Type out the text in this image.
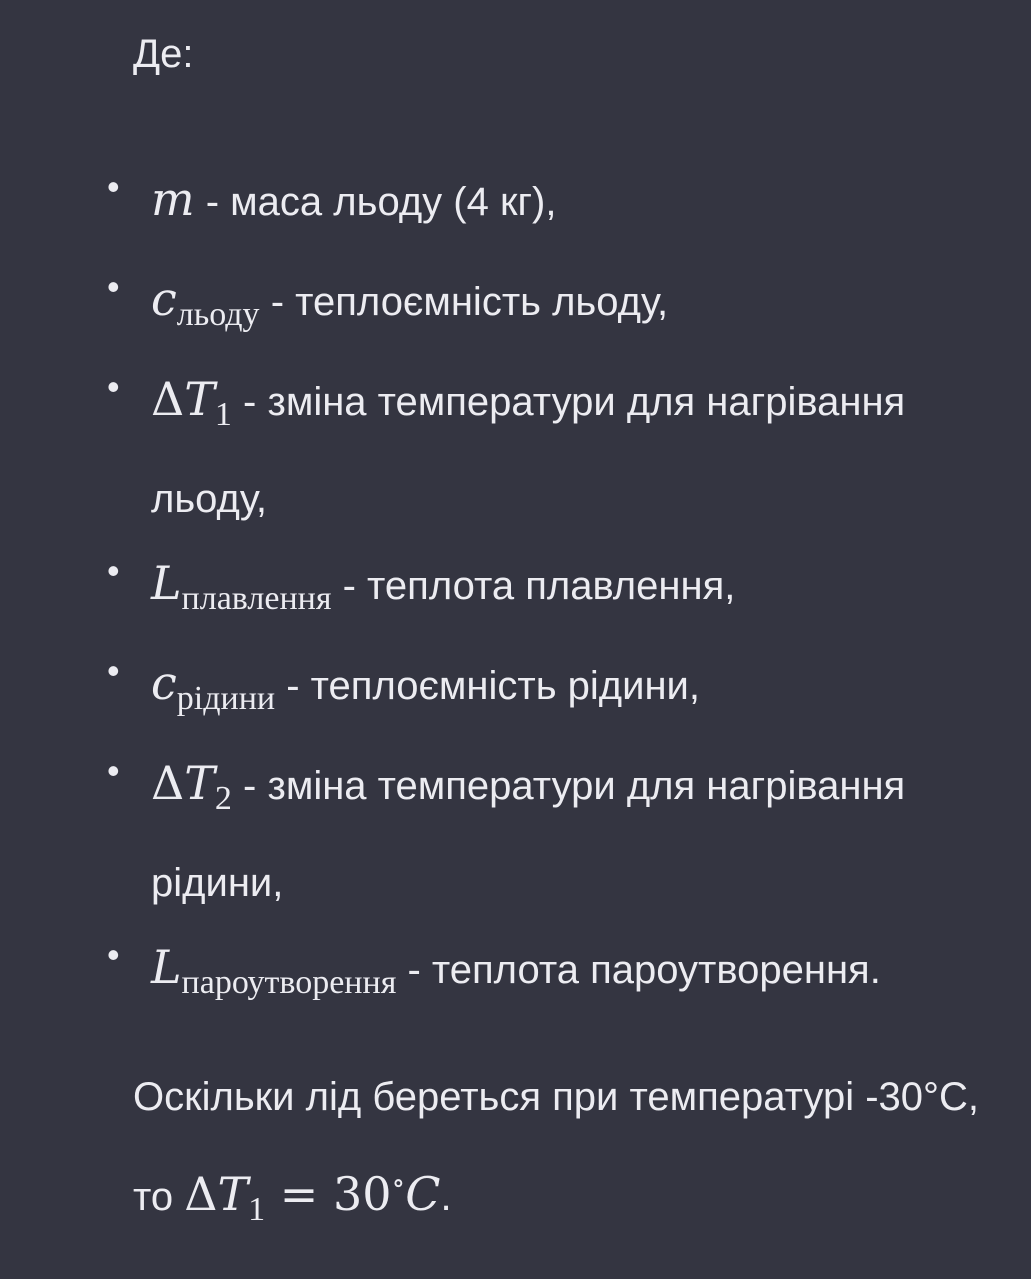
Де:

• m - маса льоду (4 кг),
• $c_{льоду}$ - теплоємність льоду,
• $\Delta T_1$ - зміна температури для нагрівання льоду,
• $L_{плавлення}$ - теплота плавлення,
• $c_{рідини}$ - теплоємність рідини,
• $\Delta T_2$ - зміна температури для нагрівання рідини,
• $L_{пароутворення}$ - теплота пароутворення.

Оскільки лід береться при температурі -30°C, то $\Delta T_1 = 30^\circ C$.
